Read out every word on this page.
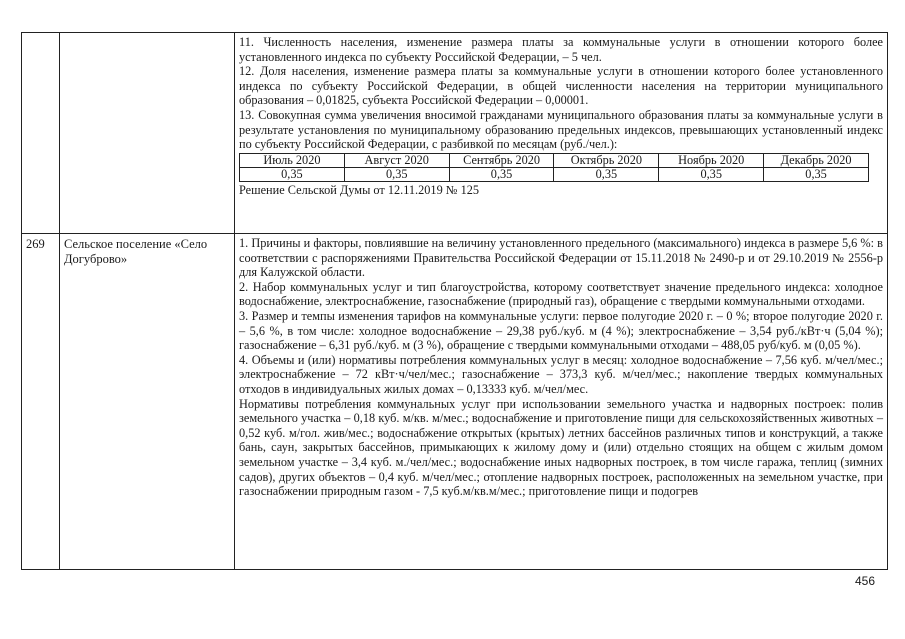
11. Численность населения, изменение размера платы за коммунальные услуги в отношении которого более установленного индекса по субъекту Российской Федерации, – 5 чел.

12. Доля населения, изменение размера платы за коммунальные услуги в отношении которого более установленного индекса по субъекту Российской Федерации, в общей численности населения на территории муниципального образования – 0,01825, субъекта Российской Федерации – 0,00001.

13. Совокупная сумма увеличения вносимой гражданами муниципального образования платы за коммунальные услуги в результате установления по муниципальному образованию предельных индексов, превышающих установленный индекс по субъекту Российской Федерации, с разбивкой по месяцам (руб./чел.):

Июль 2020	Август 2020	Сентябрь 2020	Октябрь 2020	Ноябрь 2020	Декабрь 2020
0,35	0,35	0,35	0,35	0,35	0,35

Решение Сельской Думы от 12.11.2019 № 125

269	Сельское поселение «Село Догуброво»

1. Причины и факторы, повлиявшие на величину установленного предельного (максимального) индекса в размере 5,6 %: в соответствии с распоряжениями Правительства Российской Федерации от 15.11.2018 № 2490-р и от 29.10.2019 № 2556-р для Калужской области.

2. Набор коммунальных услуг и тип благоустройства, которому соответствует значение предельного индекса: холодное водоснабжение, электроснабжение, газоснабжение (природный газ), обращение с твердыми коммунальными отходами.

3. Размер и темпы изменения тарифов на коммунальные услуги: первое полугодие 2020 г. – 0 %; второе полугодие 2020 г. – 5,6 %, в том числе: холодное водоснабжение – 29,38 руб./куб. м (4 %); электроснабжение – 3,54 руб./кВт·ч (5,04 %); газоснабжение – 6,31 руб./куб. м (3 %), обращение с твердыми коммунальными отходами – 488,05 руб/куб. м (0,05 %).

4. Объемы и (или) нормативы потребления коммунальных услуг в месяц: холодное водоснабжение – 7,56 куб. м/чел/мес.; электроснабжение – 72 кВт·ч/чел/мес.; газоснабжение – 373,3 куб. м/чел/мес.; накопление твердых коммунальных отходов в индивидуальных жилых домах – 0,13333 куб. м/чел/мес.

Нормативы потребления коммунальных услуг при использовании земельного участка и надворных построек: полив земельного участка – 0,18 куб. м/кв. м/мес.; водоснабжение и приготовление пищи для сельскохозяйственных животных – 0,52 куб. м/гол. жив/мес.; водоснабжение открытых (крытых) летних бассейнов различных типов и конструкций, а также бань, саун, закрытых бассейнов, примыкающих к жилому дому и (или) отдельно стоящих на общем с жилым домом земельном участке – 3,4 куб. м./чел/мес.; водоснабжение иных надворных построек, в том числе гаража, теплиц (зимних садов), других объектов – 0,4 куб. м/чел/мес.; отопление надворных построек, расположенных на земельном участке, при газоснабжении природным газом - 7,5 куб.м/кв.м/мес.; приготовление пищи и подогрев

456
